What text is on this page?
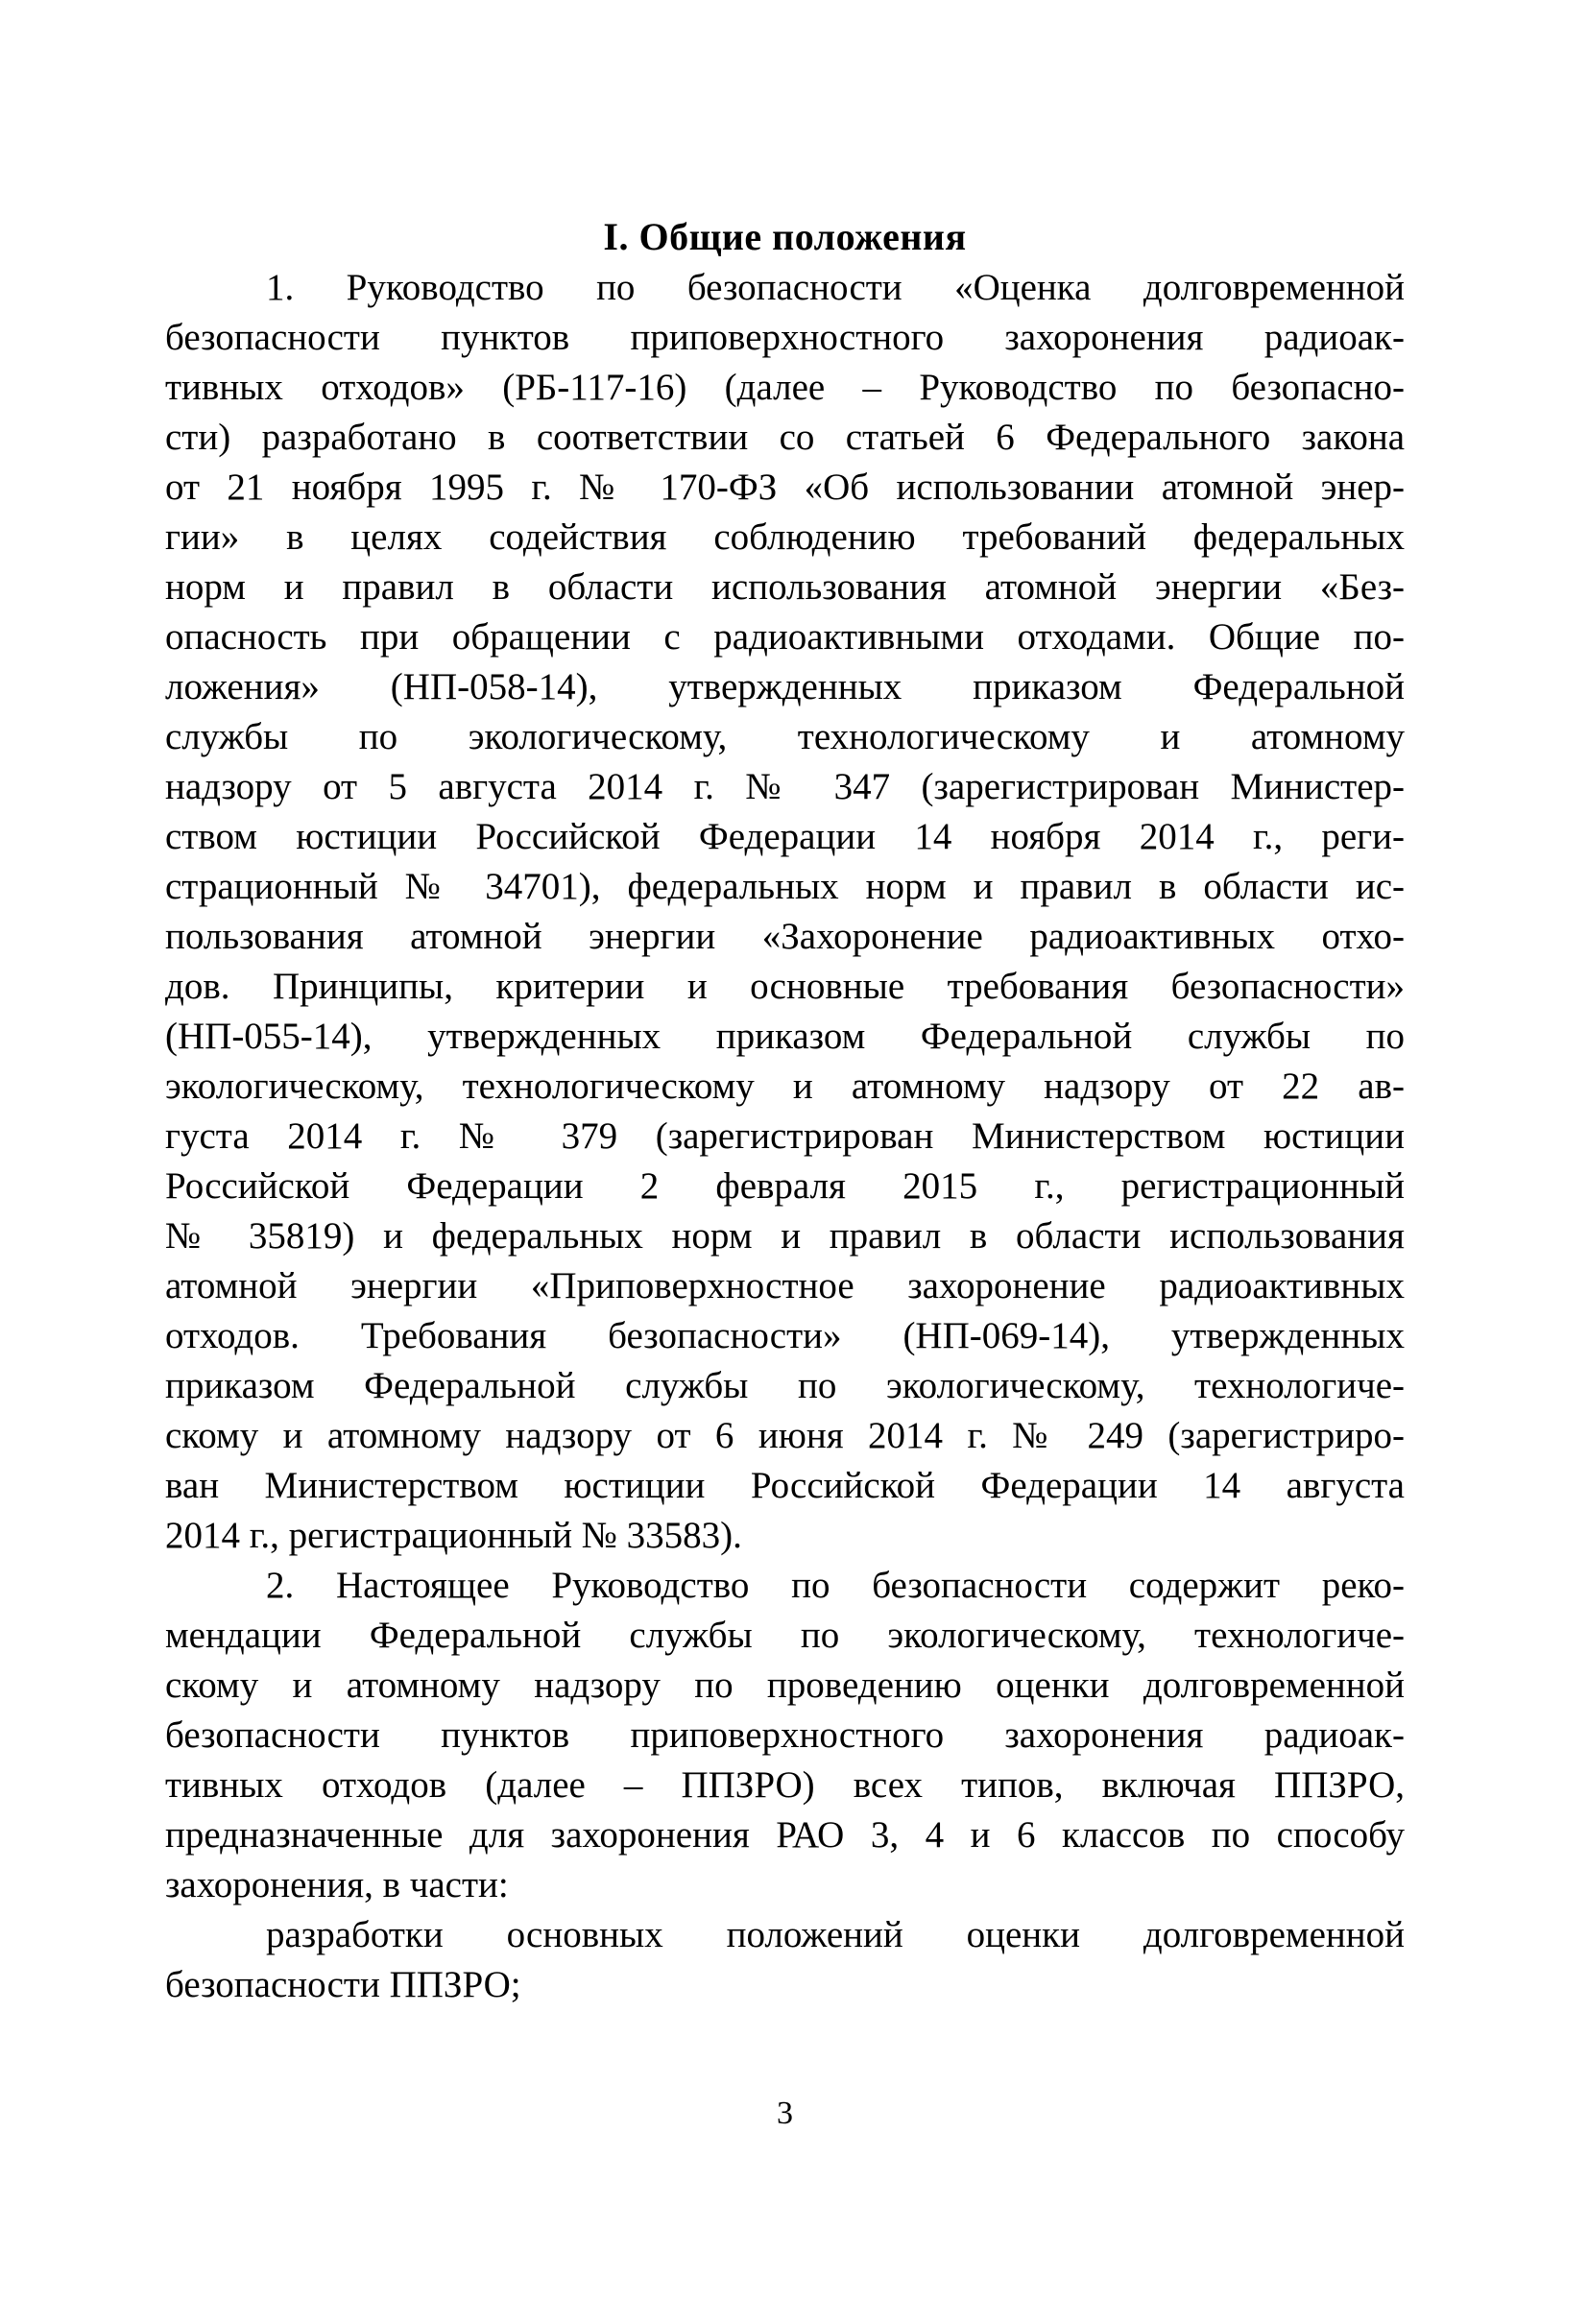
I. Общие положения
1. Руководство по безопасности «Оценка долговременной
безопасности пунктов приповерхностного захоронения радиоак-
тивных отходов» (РБ-117-16) (далее – Руководство по безопасно-
сти) разработано в соответствии со статьей 6 Федерального закона
от 21 ноября 1995 г. № 170-ФЗ «Об использовании атомной энер-
гии» в целях содействия соблюдению требований федеральных
норм и правил в области использования атомной энергии «Без-
опасность при обращении с радиоактивными отходами. Общие по-
ложения» (НП-058-14), утвержденных приказом Федеральной
службы по экологическому, технологическому и атомному
надзору от 5 августа 2014 г. № 347 (зарегистрирован Министер-
ством юстиции Российской Федерации 14 ноября 2014 г., реги-
страционный № 34701), федеральных норм и правил в области ис-
пользования атомной энергии «Захоронение радиоактивных отхо-
дов. Принципы, критерии и основные требования безопасности»
(НП-055-14), утвержденных приказом Федеральной службы по
экологическому, технологическому и атомному надзору от 22 ав-
густа 2014 г. № 379 (зарегистрирован Министерством юстиции
Российской Федерации 2 февраля 2015 г., регистрационный
№ 35819) и федеральных норм и правил в области использования
атомной энергии «Приповерхностное захоронение радиоактивных
отходов. Требования безопасности» (НП-069-14), утвержденных
приказом Федеральной службы по экологическому, технологиче-
скому и атомному надзору от 6 июня 2014 г. № 249 (зарегистриро-
ван Министерством юстиции Российской Федерации 14 августа
2014 г., регистрационный № 33583).
2. Настоящее Руководство по безопасности содержит реко-
мендации Федеральной службы по экологическому, технологиче-
скому и атомному надзору по проведению оценки долговременной
безопасности пунктов приповерхностного захоронения радиоак-
тивных отходов (далее – ППЗРО) всех типов, включая ППЗРО,
предназначенные для захоронения РАО 3, 4 и 6 классов по способу
захоронения, в части:
разработки основных положений оценки долговременной
безопасности ППЗРО;
3
